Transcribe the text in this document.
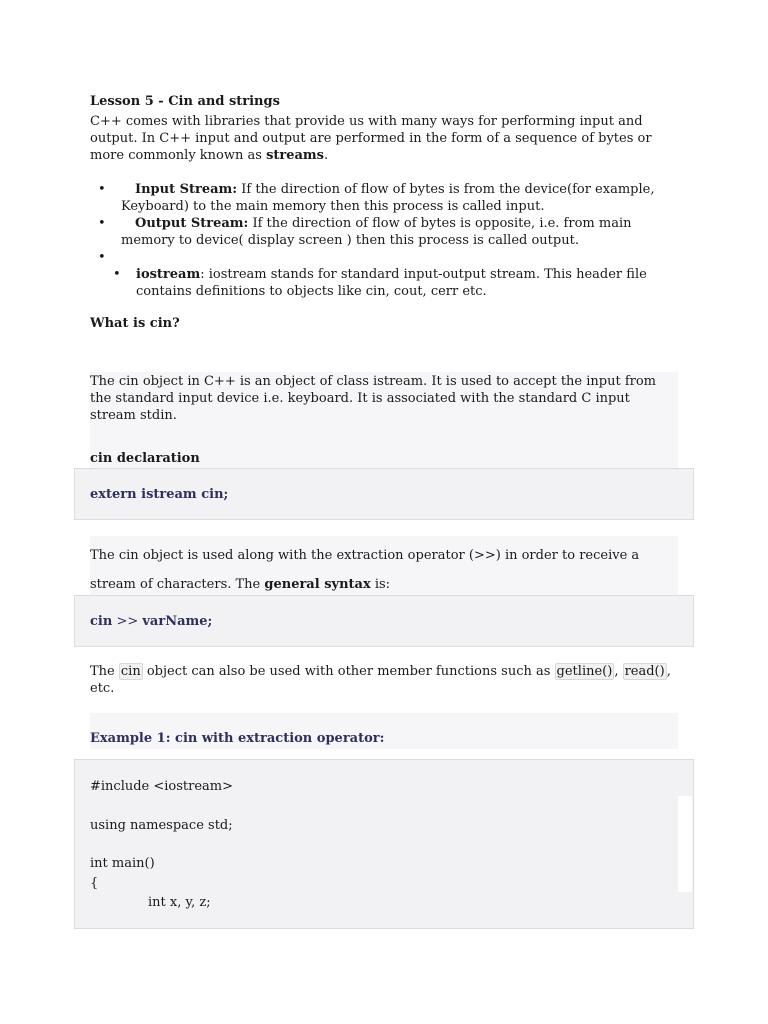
Lesson 5 - Cin and strings
C++ comes with libraries that provide us with many ways for performing input and output. In C++ input and output are performed in the form of a sequence of bytes or more commonly known as streams.
• Input Stream: If the direction of flow of bytes is from the device(for example, Keyboard) to the main memory then this process is called input.
• Output Stream: If the direction of flow of bytes is opposite, i.e. from main memory to device( display screen ) then this process is called output.
•
• iostream: iostream stands for standard input-output stream. This header file contains definitions to objects like cin, cout, cerr etc.
What is cin?
The cin object in C++ is an object of class istream. It is used to accept the input from the standard input device i.e. keyboard. It is associated with the standard C input stream stdin.
cin declaration
extern istream cin;
The cin object is used along with the extraction operator (>>) in order to receive a
stream of characters. The general syntax is:
cin >> varName;
The cin object can also be used with other member functions such as getline() , read() , etc.
Example 1: cin with extraction operator:
#include <iostream>
using namespace std;
int main()
{
int x, y, z;
